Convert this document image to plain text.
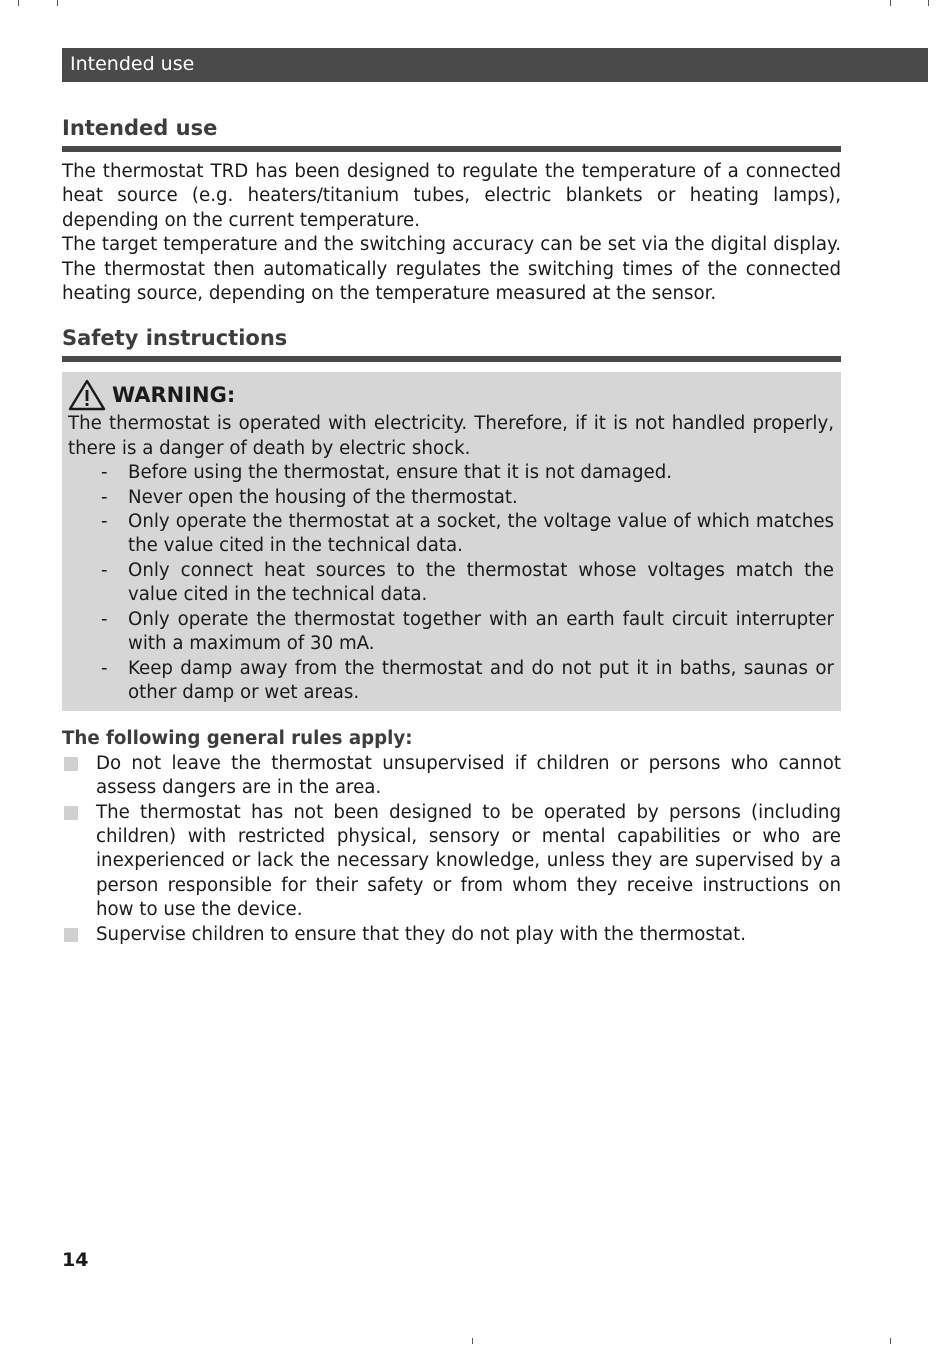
Intended use
Intended use

The thermostat TRD has been designed to regulate the temperature of a connected heat source (e.g. heaters/titanium tubes, electric blankets or heating lamps), depending on the current temperature.

The target temperature and the switching accuracy can be set via the digital display. The thermostat then automatically regulates the switching times of the connected heating source, depending on the temperature measured at the sensor.

Safety instructions
WARNING:

The thermostat is operated with electricity. Therefore, if it is not handled properly, there is a danger of death by electric shock.

- Before using the thermostat, ensure that it is not damaged.
- Never open the housing of the thermostat.
- Only operate the thermostat at a socket, the voltage value of which matches the value cited in the technical data.
- Only connect heat sources to the thermostat whose voltages match the value cited in the technical data.
- Only operate the thermostat together with an earth fault circuit interrupter with a maximum of 30 mA.
- Keep damp away from the thermostat and do not put it in baths, saunas or other damp or wet areas.
The following general rules apply:
Do not leave the thermostat unsupervised if children or persons who cannot assess dangers are in the area.
The thermostat has not been designed to be operated by persons (including children) with restricted physical, sensory or mental capabilities or who are inexperienced or lack the necessary knowledge, unless they are supervised by a person responsible for their safety or from whom they receive instructions on how to use the device.
Supervise children to ensure that they do not play with the thermostat.
14
